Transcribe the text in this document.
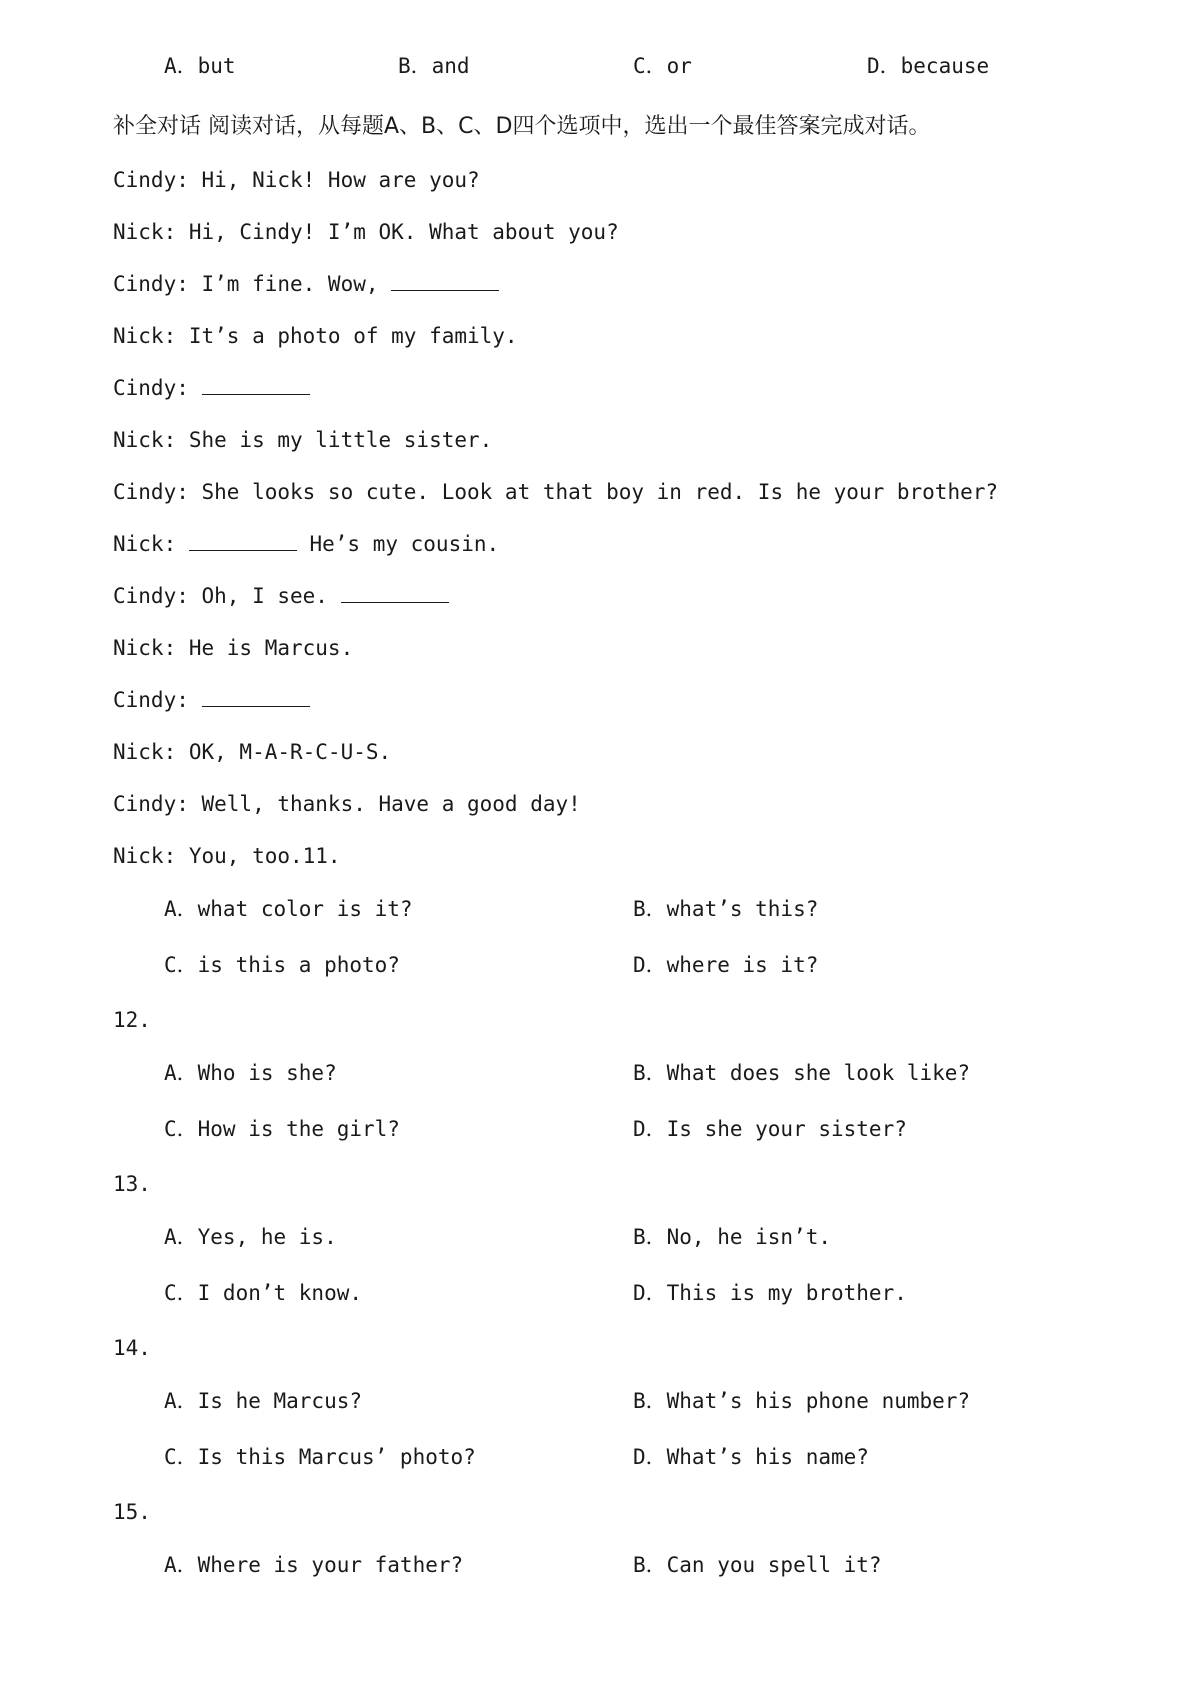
A．but	B．and	C．or	D．because
补全对话 阅读对话，从每题A、B、C、D四个选项中，选出一个最佳答案完成对话。
Cindy: Hi, Nick! How are you?
Nick: Hi, Cindy! I’m OK. What about you?
Cindy: I’m fine. Wow,
Nick: It’s a photo of my family.
Cindy:
Nick: She is my little sister.
Cindy: She looks so cute. Look at that boy in red. Is he your brother?
Nick:	He’s my cousin.
Cindy: Oh, I see.
Nick: He is Marcus.
Cindy:
Nick: OK, M-A-R-C-U-S.
Cindy: Well, thanks. Have a good day!
Nick: You, too.11.
A．what color is it?	B．what’s this?
C．is this a photo?	D．where is it?
12.
A．Who is she?	B．What does she look like?
C．How is the girl?	D．Is she your sister?
13.
A．Yes, he is.	B．No, he isn’t.
C．I don’t know.	D．This is my brother.
14.
A．Is he Marcus?	B．What’s his phone number?
C．Is this Marcus’ photo?	D．What’s his name?
15.
A．Where is your father?	B．Can you spell it?
